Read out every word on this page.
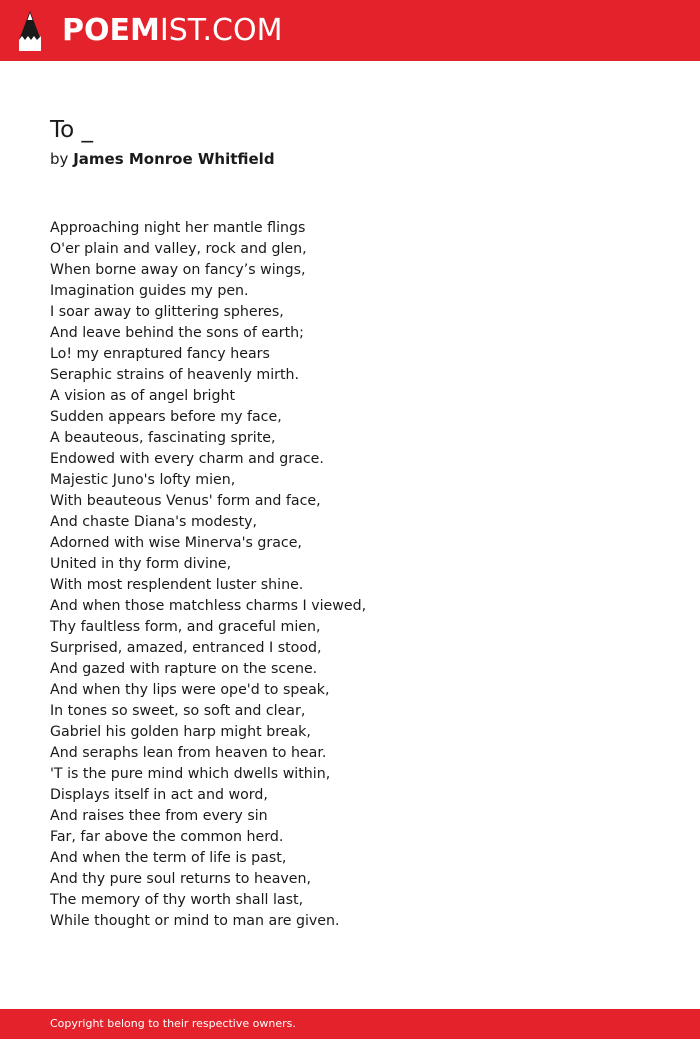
POEMIST.COM
To _
by James Monroe Whitfield
Approaching night her mantle flings
O'er plain and valley, rock and glen,
When borne away on fancy’s wings,
Imagination guides my pen.
I soar away to glittering spheres,
And leave behind the sons of earth;
Lo! my enraptured fancy hears
Seraphic strains of heavenly mirth.
A vision as of angel bright
Sudden appears before my face,
A beauteous, fascinating sprite,
Endowed with every charm and grace.
Majestic Juno's lofty mien,
With beauteous Venus' form and face,
And chaste Diana's modesty,
Adorned with wise Minerva's grace,
United in thy form divine,
With most resplendent luster shine.
And when those matchless charms I viewed,
Thy faultless form, and graceful mien,
Surprised, amazed, entranced I stood,
And gazed with rapture on the scene.
And when thy lips were ope'd to speak,
In tones so sweet, so soft and clear,
Gabriel his golden harp might break,
And seraphs lean from heaven to hear.
'T is the pure mind which dwells within,
Displays itself in act and word,
And raises thee from every sin
Far, far above the common herd.
And when the term of life is past,
And thy pure soul returns to heaven,
The memory of thy worth shall last,
While thought or mind to man are given.
Copyright belong to their respective owners.
